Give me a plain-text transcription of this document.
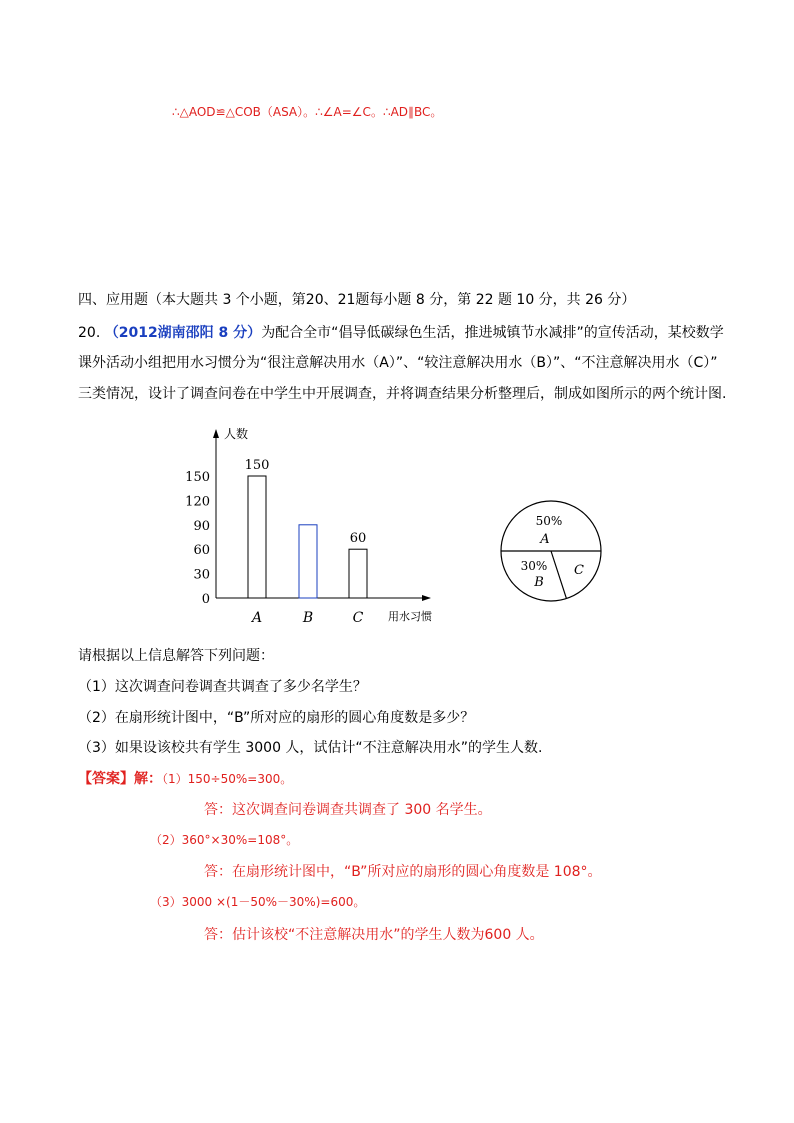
∴△AOD≌△COB（ASA）。∴∠A=∠C。∴AD∥BC。
四、应用题（本大题共 3 个小题，第20、21题每小题 8 分，第 22 题 10 分，共 26 分）
20. （2012湖南邵阳 8 分）为配合全市“倡导低碳绿色生活，推进城镇节水减排”的宣传活动，某校数学
课外活动小组把用水习惯分为“很注意解决用水（A）”、“较注意解决用水（B）”、“不注意解决用水（C）”
三类情况，设计了调查问卷在中学生中开展调查，并将调查结果分析整理后，制成如图所示的两个统计图.
人数
用水习惯
0
30
60
90
120
150
A
150
B	C
60
50%
A
30%
B
C
请根据以上信息解答下列问题：
（1）这次调查问卷调查共调查了多少名学生？
（2）在扇形统计图中，“B”所对应的扇形的圆心角度数是多少？
（3）如果设该校共有学生 3000 人，试估计“不注意解决用水”的学生人数.
【答案】解：（1）150÷50%=300。
答：这次调查问卷调查共调查了 300 名学生。
（2）360°×30%=108°。
答：在扇形统计图中，“B”所对应的扇形的圆心角度数是 108°。
（3）3000 ×(1－50%－30%)=600。
答：估计该校“不注意解决用水”的学生人数为600 人。
